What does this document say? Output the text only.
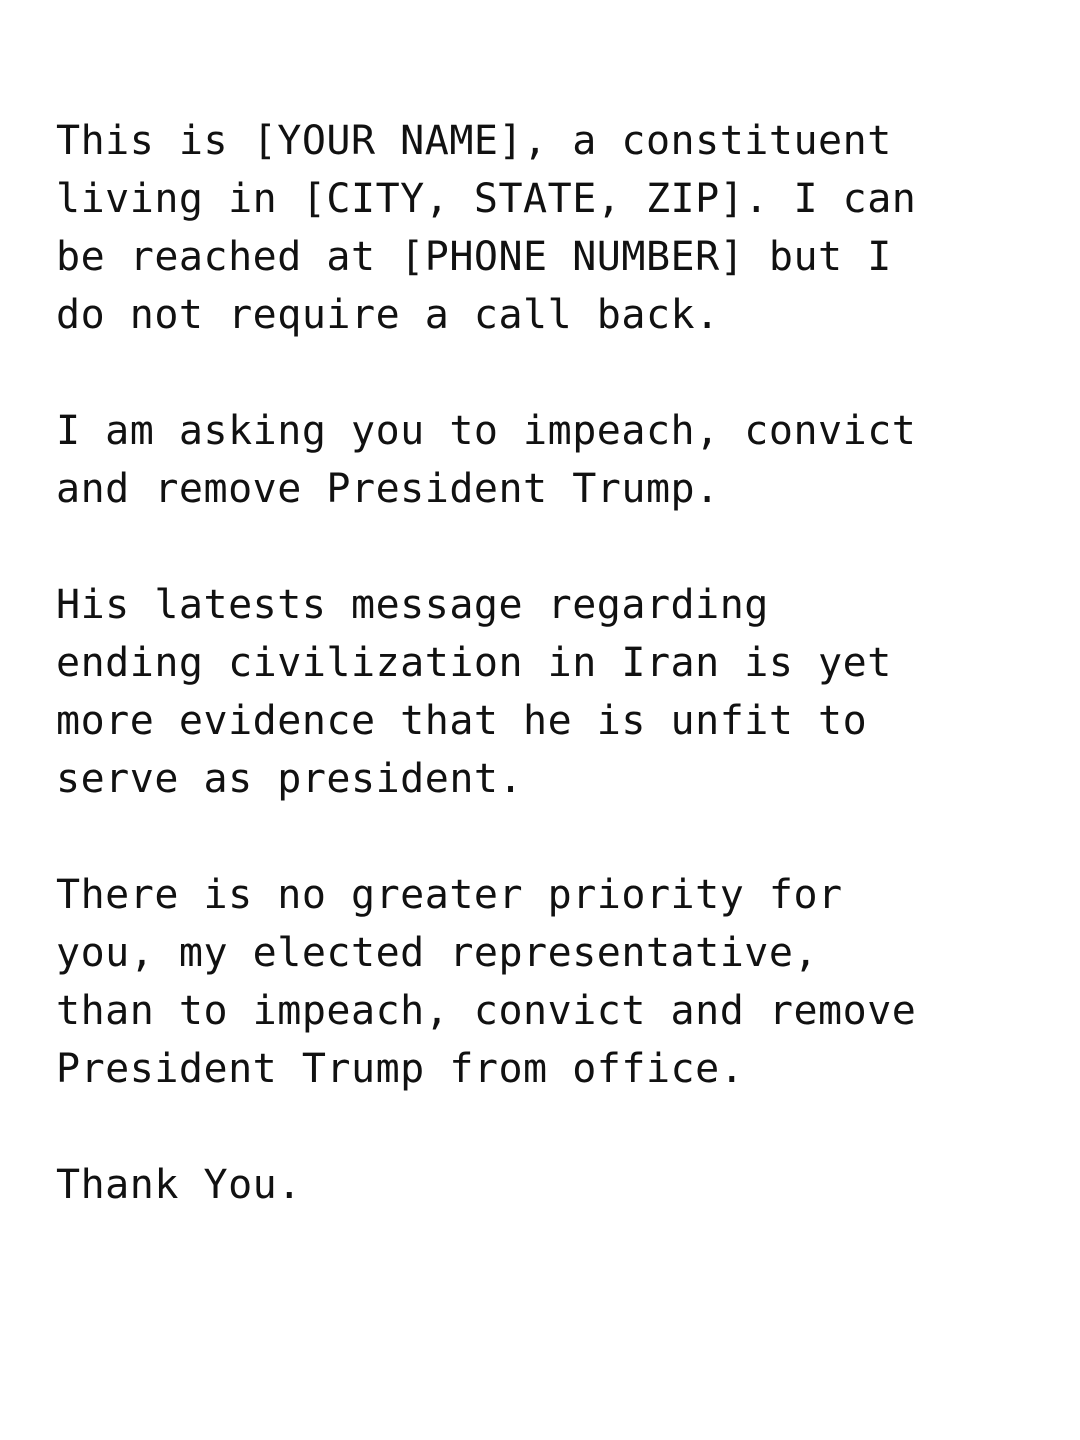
This is [YOUR NAME], a constituent
living in [CITY, STATE, ZIP]. I can
be reached at [PHONE NUMBER] but I
do not require a call back.

I am asking you to impeach, convict
and remove President Trump.

His latests message regarding
ending civilization in Iran is yet
more evidence that he is unfit to
serve as president.

There is no greater priority for
you, my elected representative,
than to impeach, convict and remove
President Trump from office.

Thank You.
